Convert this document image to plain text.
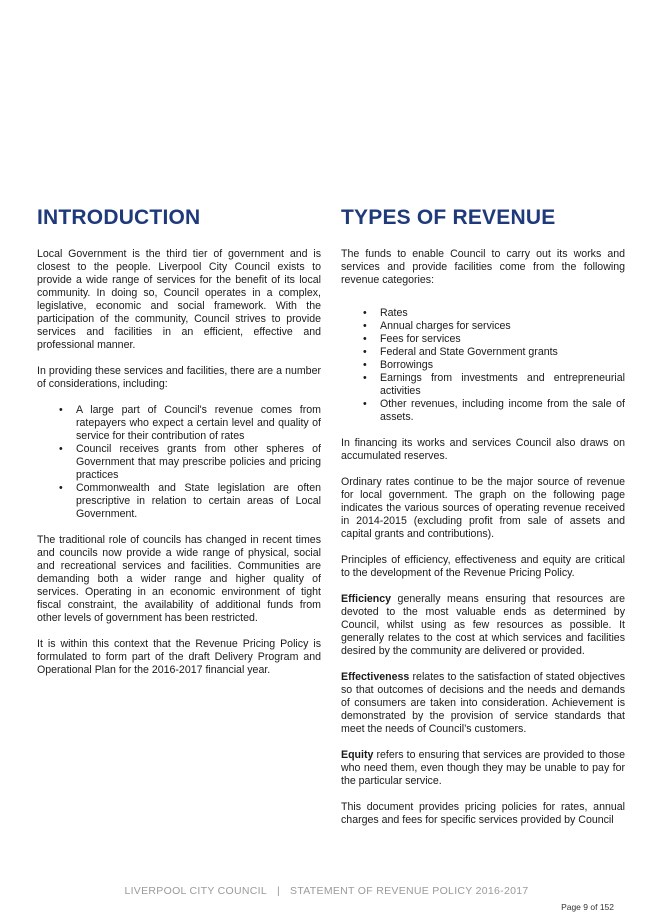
INTRODUCTION

Local Government is the third tier of government and is closest to the people. Liverpool City Council exists to provide a wide range of services for the benefit of its local community. In doing so, Council operates in a complex, legislative, economic and social framework. With the participation of the community, Council strives to provide services and facilities in an efficient, effective and professional manner.

In providing these services and facilities, there are a number of considerations, including:

• A large part of Council's revenue comes from ratepayers who expect a certain level and quality of service for their contribution of rates
• Council receives grants from other spheres of Government that may prescribe policies and pricing practices
• Commonwealth and State legislation are often prescriptive in relation to certain areas of Local Government.

The traditional role of councils has changed in recent times and councils now provide a wide range of physical, social and recreational services and facilities. Communities are demanding both a wider range and higher quality of services. Operating in an economic environment of tight fiscal constraint, the availability of additional funds from other levels of government has been restricted.

It is within this context that the Revenue Pricing Policy is formulated to form part of the draft Delivery Program and Operational Plan for the 2016-2017 financial year.

TYPES OF REVENUE

The funds to enable Council to carry out its works and services and provide facilities come from the following revenue categories:

• Rates
• Annual charges for services
• Fees for services
• Federal and State Government grants
• Borrowings
• Earnings from investments and entrepreneurial activities
• Other revenues, including income from the sale of assets.

In financing its works and services Council also draws on accumulated reserves.

Ordinary rates continue to be the major source of revenue for local government. The graph on the following page indicates the various sources of operating revenue received in 2014-2015 (excluding profit from sale of assets and capital grants and contributions).

Principles of efficiency, effectiveness and equity are critical to the development of the Revenue Pricing Policy.

Efficiency generally means ensuring that resources are devoted to the most valuable ends as determined by Council, whilst using as few resources as possible. It generally relates to the cost at which services and facilities desired by the community are delivered or provided.

Effectiveness relates to the satisfaction of stated objectives so that outcomes of decisions and the needs and demands of consumers are taken into consideration. Achievement is demonstrated by the provision of service standards that meet the needs of Council’s customers.

Equity refers to ensuring that services are provided to those who need them, even though they may be unable to pay for the particular service.

This document provides pricing policies for rates, annual charges and fees for specific services provided by Council

LIVERPOOL CITY COUNCIL | STATEMENT OF REVENUE POLICY 2016-2017
Page 9 of 152
